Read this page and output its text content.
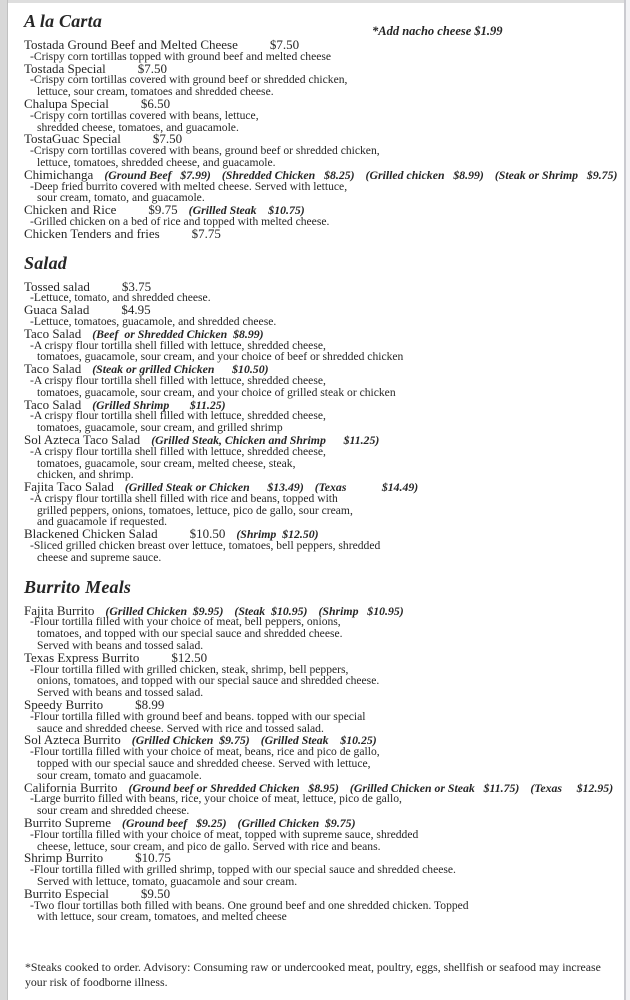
*Add nacho cheese $1.99
A la Carta
Tostada Ground Beef and Melted Cheese $7.50
-Crispy corn tortillas topped with ground beef and melted cheese
Tostada Special $7.50
-Crispy corn tortillas covered with ground beef or shredded chicken,
lettuce, sour cream, tomatoes and shredded cheese.
Chalupa Special $6.50
-Crispy corn tortillas covered with beans, lettuce,
shredded cheese, tomatoes, and guacamole.
TostaGuac Special $7.50
-Crispy corn tortillas covered with beans, ground beef or shredded chicken,
lettuce, tomatoes, shredded cheese, and guacamole.
Chimichanga (Ground Beef   $7.99) (Shredded Chicken   $8.25) (Grilled chicken   $8.99) (Steak or Shrimp   $9.75)
-Deep fried burrito covered with melted cheese. Served with lettuce,
sour cream, tomato, and guacamole.
Chicken and Rice $9.75 (Grilled Steak    $10.75)
-Grilled chicken on a bed of rice and topped with melted cheese.
Chicken Tenders and fries $7.75
Salad
Tossed salad $3.75
-Lettuce, tomato, and shredded cheese.
Guaca Salad $4.95
-Lettuce, tomatoes, guacamole, and shredded cheese.
Taco Salad (Beef  or Shredded Chicken  $8.99)
-A crispy flour tortilla shell filled with lettuce, shredded cheese,
tomatoes, guacamole, sour cream, and your choice of beef or shredded chicken
Taco Salad (Steak or grilled Chicken      $10.50)
-A crispy flour tortilla shell filled with lettuce, shredded cheese,
tomatoes, guacamole, sour cream, and your choice of grilled steak or chicken
Taco Salad (Grilled Shrimp       $11.25)
-A crispy flour tortilla shell filled with lettuce, shredded cheese,
tomatoes, guacamole, sour cream, and grilled shrimp
Sol Azteca Taco Salad (Grilled Steak, Chicken and Shrimp      $11.25)
-A crispy flour tortilla shell filled with lettuce, shredded cheese,
tomatoes, guacamole, sour cream, melted cheese, steak,
chicken, and shrimp.
Fajita Taco Salad (Grilled Steak or Chicken      $13.49) (Texas            $14.49)
-A crispy flour tortilla shell filled with rice and beans, topped with
grilled peppers, onions, tomatoes, lettuce, pico de gallo, sour cream,
and guacamole if requested.
Blackened Chicken Salad $10.50 (Shrimp  $12.50)
-Sliced grilled chicken breast over lettuce, tomatoes, bell peppers, shredded
cheese and supreme sauce.
Burrito Meals
Fajita Burrito (Grilled Chicken  $9.95) (Steak  $10.95) (Shrimp   $10.95)
-Flour tortilla filled with your choice of meat, bell peppers, onions,
tomatoes, and topped with our special sauce and shredded cheese.
Served with beans and tossed salad.
Texas Express Burrito $12.50
-Flour tortilla filled with grilled chicken, steak, shrimp, bell peppers,
onions, tomatoes, and topped with our special sauce and shredded cheese.
Served with beans and tossed salad.
Speedy Burrito $8.99
-Flour tortilla filled with ground beef and beans. topped with our special
sauce and shredded cheese. Served with rice and tossed salad.
Sol Azteca Burrito (Grilled Chicken  $9.75) (Grilled Steak    $10.25)
-Flour tortilla filled with your choice of meat, beans, rice and pico de gallo,
topped with our special sauce and shredded cheese. Served with lettuce,
sour cream, tomato and guacamole.
California Burrito (Ground beef or Shredded Chicken   $8.95) (Grilled Chicken or Steak   $11.75) (Texas     $12.95)
-Large burrito filled with beans, rice, your choice of meat, lettuce, pico de gallo,
sour cream and shredded cheese.
Burrito Supreme (Ground beef   $9.25) (Grilled Chicken  $9.75)
-Flour tortilla filled with your choice of meat, topped with supreme sauce, shredded
cheese, lettuce, sour cream, and pico de gallo. Served with rice and beans.
Shrimp Burrito $10.75
-Flour tortilla filled with grilled shrimp, topped with our special sauce and shredded cheese.
Served with lettuce, tomato, guacamole and sour cream.
Burrito Especial $9.50
-Two flour tortillas both filled with beans. One ground beef and one shredded chicken. Topped
with lettuce, sour cream, tomatoes, and melted cheese
*Steaks cooked to order. Advisory: Consuming raw or undercooked meat, poultry, eggs, shellfish or seafood may increase your risk of foodborne illness.
